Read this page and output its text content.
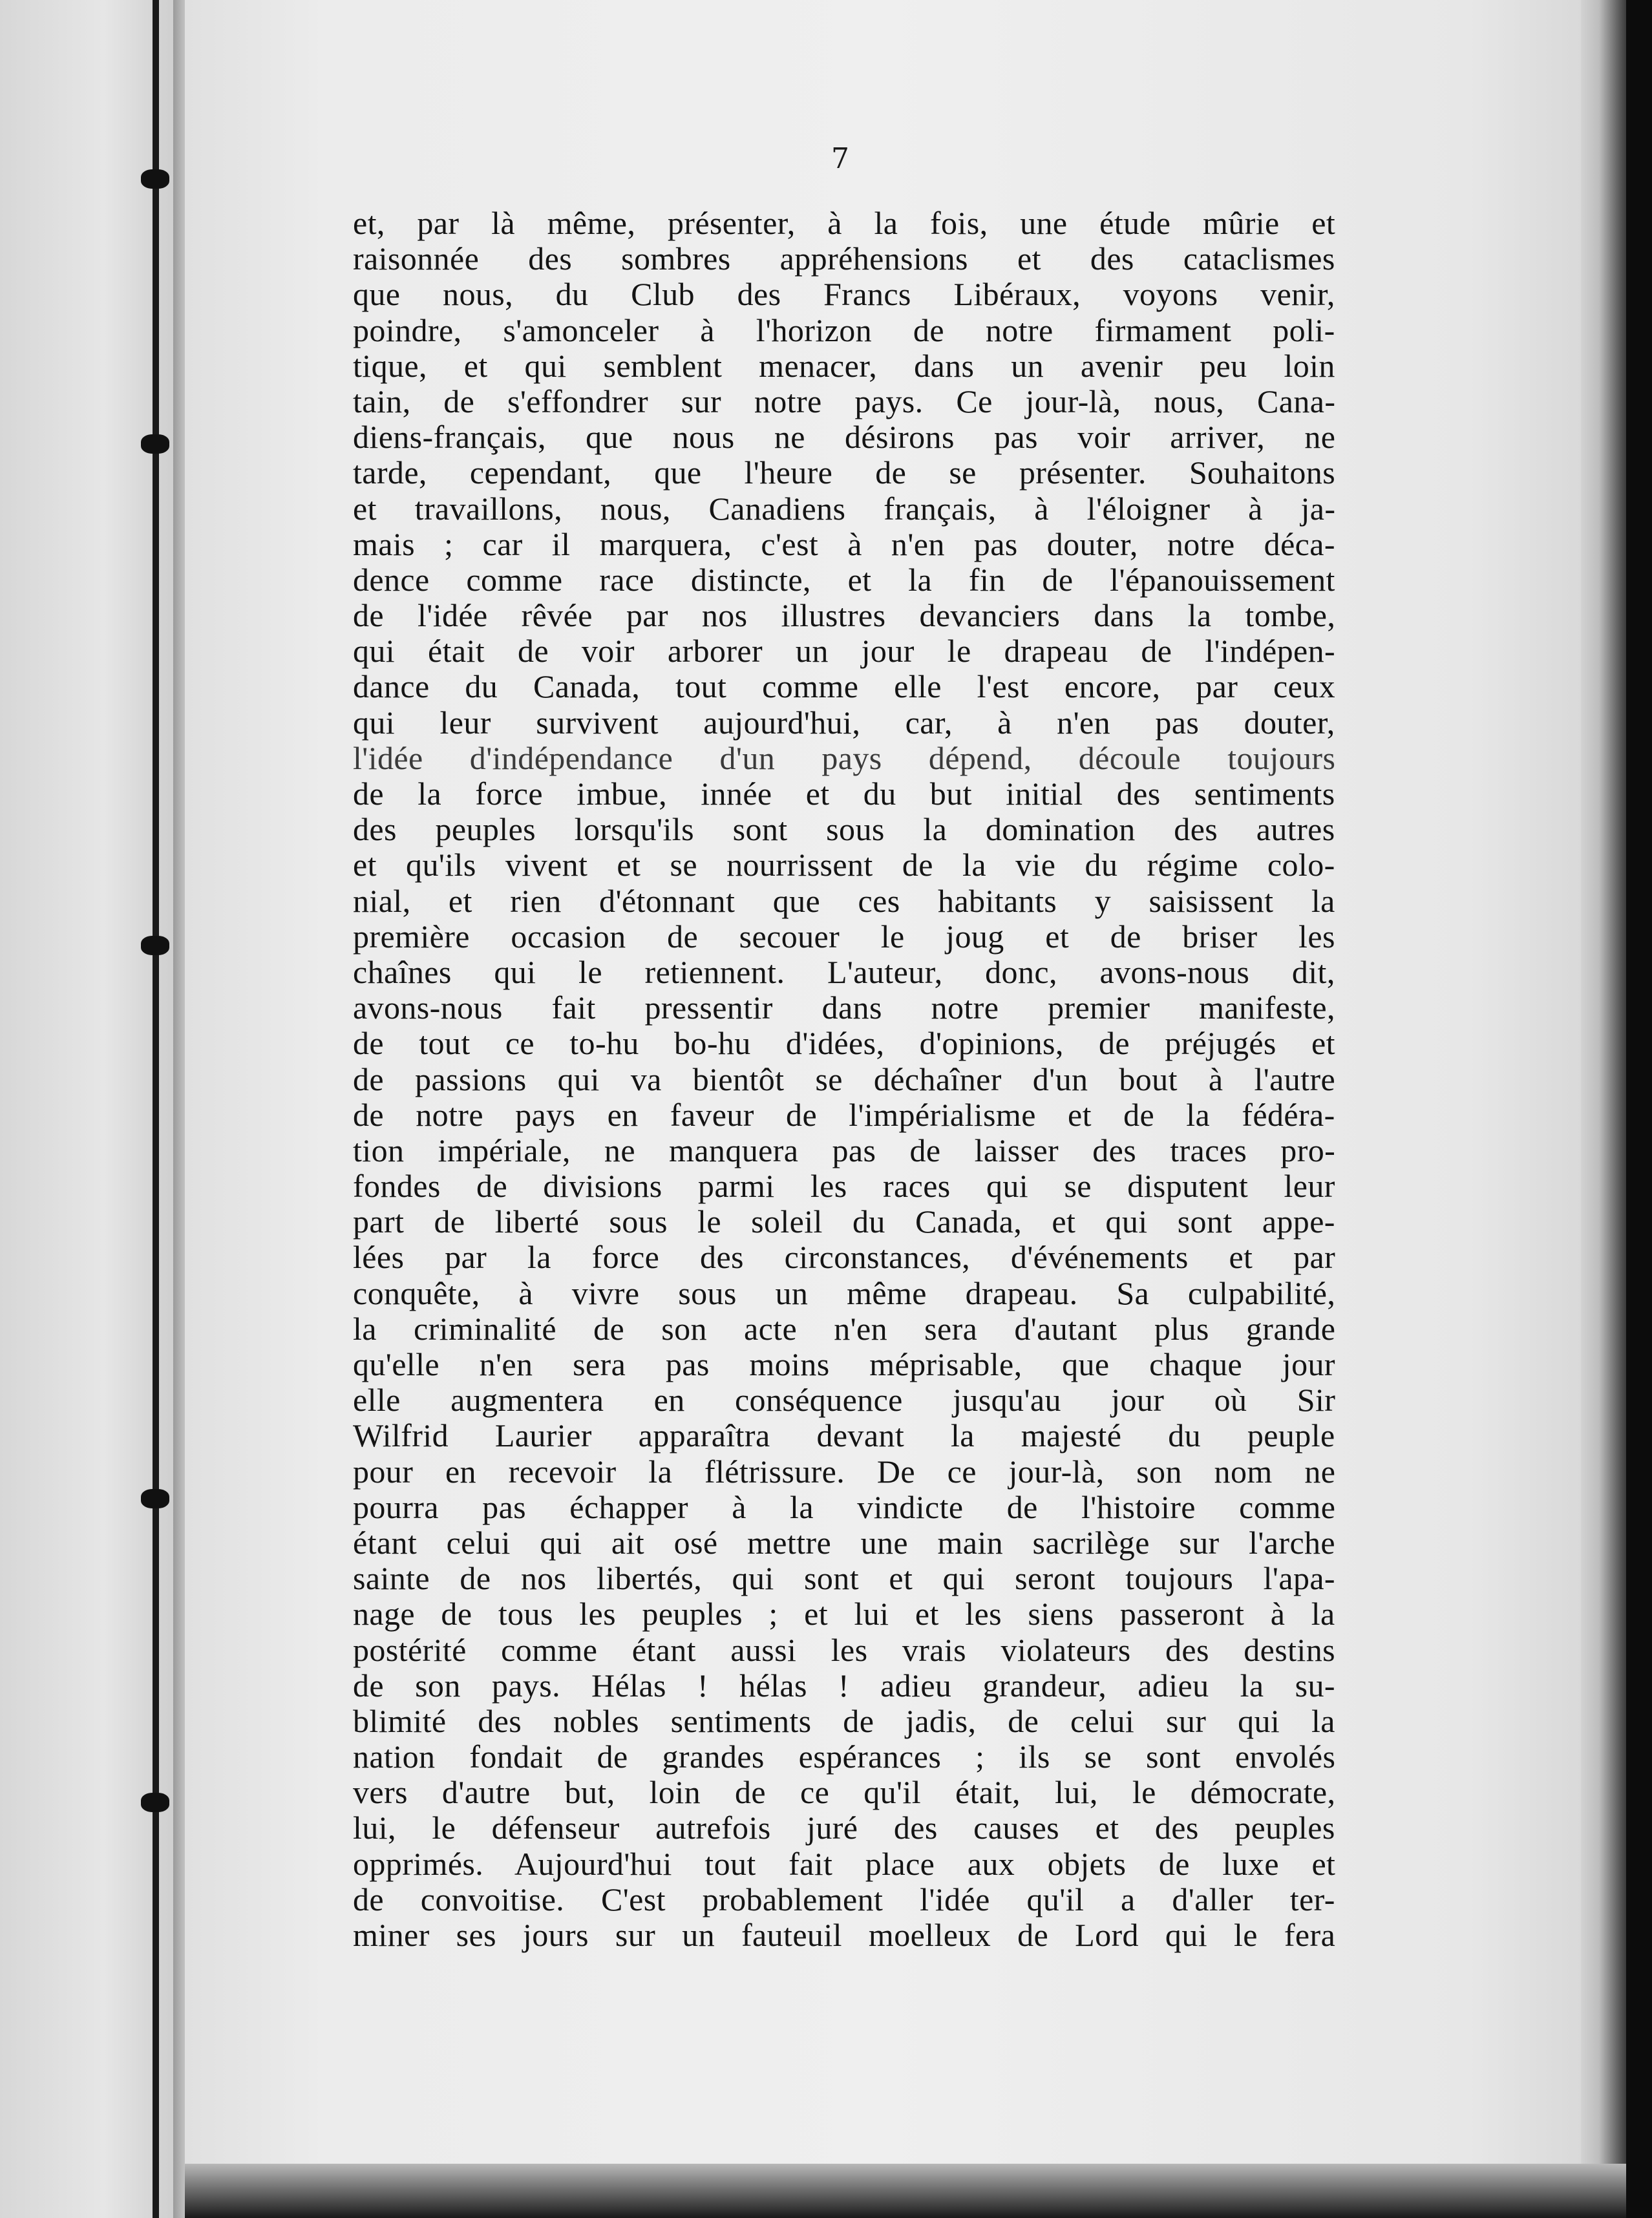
7
et, par là même, présenter, à la fois, une étude mûrie et
raisonnée des sombres appréhensions et des cataclismes
que nous, du Club des Francs Libéraux, voyons venir,
poindre, s'amonceler à l'horizon de notre firmament poli-
tique, et qui semblent menacer, dans un avenir peu loin
tain, de s'effondrer sur notre pays. Ce jour-là, nous, Cana-
diens-français, que nous ne désirons pas voir arriver, ne
tarde, cependant, que l'heure de se présenter. Souhaitons
et travaillons, nous, Canadiens français, à l'éloigner à ja-
mais ; car il marquera, c'est à n'en pas douter, notre déca-
dence comme race distincte, et la fin de l'épanouissement
de l'idée rêvée par nos illustres devanciers dans la tombe,
qui était de voir arborer un jour le drapeau de l'indépen-
dance du Canada, tout comme elle l'est encore, par ceux
qui leur survivent aujourd'hui, car, à n'en pas douter,
l'idée d'indépendance d'un pays dépend, découle toujours
de la force imbue, innée et du but initial des sentiments
des peuples lorsqu'ils sont sous la domination des autres
et qu'ils vivent et se nourrissent de la vie du régime colo-
nial, et rien d'étonnant que ces habitants y saisissent la
première occasion de secouer le joug et de briser les
chaînes qui le retiennent. L'auteur, donc, avons-nous dit,
avons-nous fait pressentir dans notre premier manifeste,
de tout ce to-hu bo-hu d'idées, d'opinions, de préjugés et
de passions qui va bientôt se déchaîner d'un bout à l'autre
de notre pays en faveur de l'impérialisme et de la fédéra-
tion impériale, ne manquera pas de laisser des traces pro-
fondes de divisions parmi les races qui se disputent leur
part de liberté sous le soleil du Canada, et qui sont appe-
lées par la force des circonstances, d'événements et par
conquête, à vivre sous un même drapeau. Sa culpabilité,
la criminalité de son acte n'en sera d'autant plus grande
qu'elle n'en sera pas moins méprisable, que chaque jour
elle augmentera en conséquence jusqu'au jour où Sir
Wilfrid Laurier apparaîtra devant la majesté du peuple
pour en recevoir la flétrissure. De ce jour-là, son nom ne
pourra pas échapper à la vindicte de l'histoire comme
étant celui qui ait osé mettre une main sacrilège sur l'arche
sainte de nos libertés, qui sont et qui seront toujours l'apa-
nage de tous les peuples ; et lui et les siens passeront à la
postérité comme étant aussi les vrais violateurs des destins
de son pays. Hélas ! hélas ! adieu grandeur, adieu la su-
blimité des nobles sentiments de jadis, de celui sur qui la
nation fondait de grandes espérances ; ils se sont envolés
vers d'autre but, loin de ce qu'il était, lui, le démocrate,
lui, le défenseur autrefois juré des causes et des peuples
opprimés. Aujourd'hui tout fait place aux objets de luxe et
de convoitise. C'est probablement l'idée qu'il a d'aller ter-
miner ses jours sur un fauteuil moelleux de Lord qui le fera
